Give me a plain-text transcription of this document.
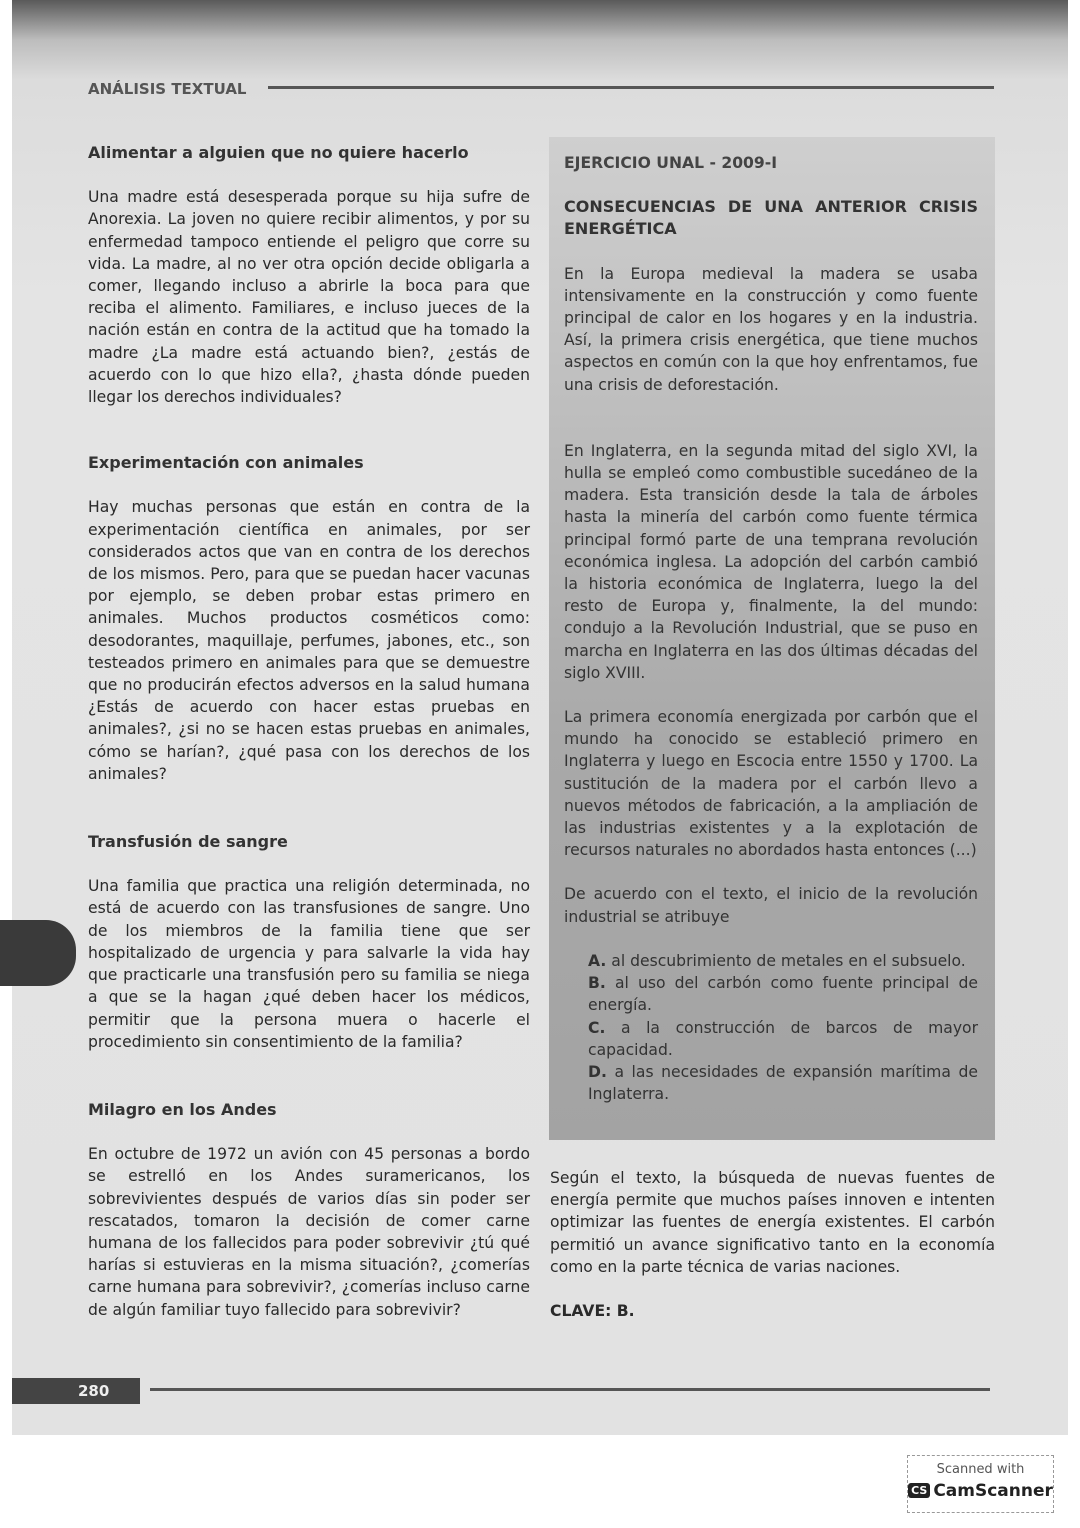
ANÁLISIS TEXTUAL
Alimentar a alguien que no quiere hacerlo

Una madre está desesperada porque su hija sufre de Anorexia. La joven no quiere recibir alimentos, y por su enfermedad tampoco entiende el peligro que corre su vida. La madre, al no ver otra opción decide obligarla a comer, llegando incluso a abrirle la boca para que reciba el alimento. Familiares, e incluso jueces de la nación están en contra de la actitud que ha tomado la madre ¿La madre está actuando bien?, ¿estás de acuerdo con lo que hizo ella?, ¿hasta dónde pueden llegar los derechos individuales?

Experimentación con animales

Hay muchas personas que están en contra de la experimentación científica en animales, por ser considerados actos que van en contra de los derechos de los mismos. Pero, para que se puedan hacer vacunas por ejemplo, se deben probar estas primero en animales. Muchos productos cosméticos como: desodorantes, maquillaje, perfumes, jabones, etc., son testeados primero en animales para que se demuestre que no producirán efectos adversos en la salud humana ¿Estás de acuerdo con hacer estas pruebas en animales?, ¿si no se hacen estas pruebas en animales, cómo se harían?, ¿qué pasa con los derechos de los animales?

Transfusión de sangre

Una familia que practica una religión determinada, no está de acuerdo con las transfusiones de sangre. Uno de los miembros de la familia tiene que ser hospitalizado de urgencia y para salvarle la vida hay que practicarle una transfusión pero su familia se niega a que se la hagan ¿qué deben hacer los médicos, permitir que la persona muera o hacerle el procedimiento sin consentimiento de la familia?

Milagro en los Andes

En octubre de 1972 un avión con 45 personas a bordo se estrelló en los Andes suramericanos, los sobrevivientes después de varios días sin poder ser rescatados, tomaron la decisión de comer carne humana de los fallecidos para poder sobrevivir ¿tú qué harías si estuvieras en la misma situación?, ¿comerías carne humana para sobrevivir?, ¿comerías incluso carne de algún familiar tuyo fallecido para sobrevivir?

EJERCICIO UNAL - 2009-I
CONSECUENCIAS DE UNA ANTERIOR CRISIS ENERGÉTICA

En la Europa medieval la madera se usaba intensivamente en la construcción y como fuente principal de calor en los hogares y en la industria. Así, la primera crisis energética, que tiene muchos aspectos en común con la que hoy enfrentamos, fue una crisis de deforestación.

En Inglaterra, en la segunda mitad del siglo XVI, la hulla se empleó como combustible sucedáneo de la madera. Esta transición desde la tala de árboles hasta la minería del carbón como fuente térmica principal formó parte de una temprana revolución económica inglesa. La adopción del carbón cambió la historia económica de Inglaterra, luego la del resto de Europa y, finalmente, la del mundo: condujo a la Revolución Industrial, que se puso en marcha en Inglaterra en las dos últimas décadas del siglo XVIII.

La primera economía energizada por carbón que el mundo ha conocido se estableció primero en Inglaterra y luego en Escocia entre 1550 y 1700. La sustitución de la madera por el carbón llevo a nuevos métodos de fabricación, a la ampliación de las industrias existentes y a la explotación de recursos naturales no abordados hasta entonces (...)

De acuerdo con el texto, el inicio de la revolución industrial se atribuye

A. al descubrimiento de metales en el subsuelo.

B. al uso del carbón como fuente principal de energía.

C. a la construcción de barcos de mayor capacidad.

D. a las necesidades de expansión marítima de Inglaterra.

Según el texto, la búsqueda de nuevas fuentes de energía permite que muchos países innoven e intenten optimizar las fuentes de energía existentes. El carbón permitió un avance significativo tanto en la economía como en la parte técnica de varias naciones.

CLAVE: B.

280
Scanned with
CS CamScanner
